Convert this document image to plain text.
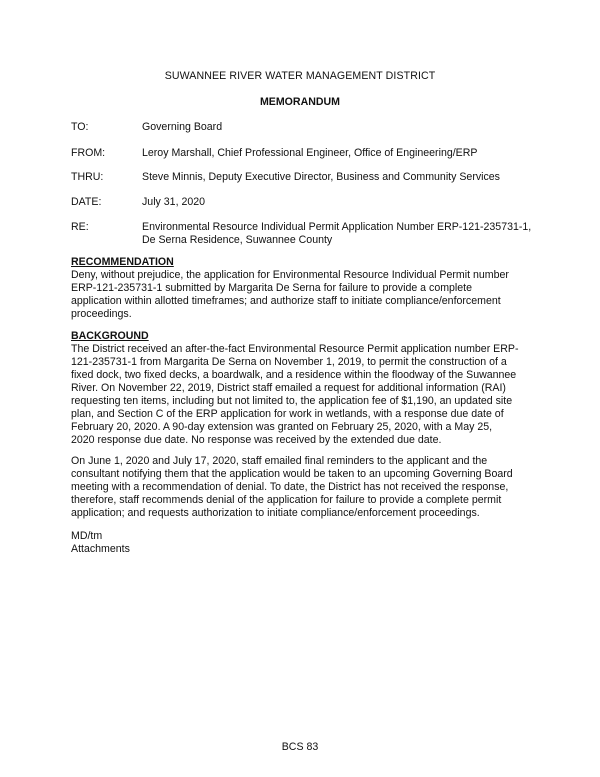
SUWANNEE RIVER WATER MANAGEMENT DISTRICT
MEMORANDUM
TO:	Governing Board
FROM:	Leroy Marshall, Chief Professional Engineer, Office of Engineering/ERP
THRU:	Steve Minnis, Deputy Executive Director, Business and Community Services
DATE:	July 31, 2020
RE:	Environmental Resource Individual Permit Application Number ERP-121-235731-1,
De Serna Residence, Suwannee County
RECOMMENDATION
Deny, without prejudice, the application for Environmental Resource Individual Permit number
ERP-121-235731-1 submitted by Margarita De Serna for failure to provide a complete
application within allotted timeframes; and authorize staff to initiate compliance/enforcement
proceedings.
BACKGROUND
The District received an after-the-fact Environmental Resource Permit application number ERP-
121-235731-1 from Margarita De Serna on November 1, 2019, to permit the construction of a
fixed dock, two fixed decks, a boardwalk, and a residence within the floodway of the Suwannee
River. On November 22, 2019, District staff emailed a request for additional information (RAI)
requesting ten items, including but not limited to, the application fee of $1,190, an updated site
plan, and Section C of the ERP application for work in wetlands, with a response due date of
February 20, 2020. A 90-day extension was granted on February 25, 2020, with a May 25,
2020 response due date. No response was received by the extended due date.
On June 1, 2020 and July 17, 2020, staff emailed final reminders to the applicant and the
consultant notifying them that the application would be taken to an upcoming Governing Board
meeting with a recommendation of denial. To date, the District has not received the response,
therefore, staff recommends denial of the application for failure to provide a complete permit
application; and requests authorization to initiate compliance/enforcement proceedings.
MD/tm
Attachments
BCS 83
